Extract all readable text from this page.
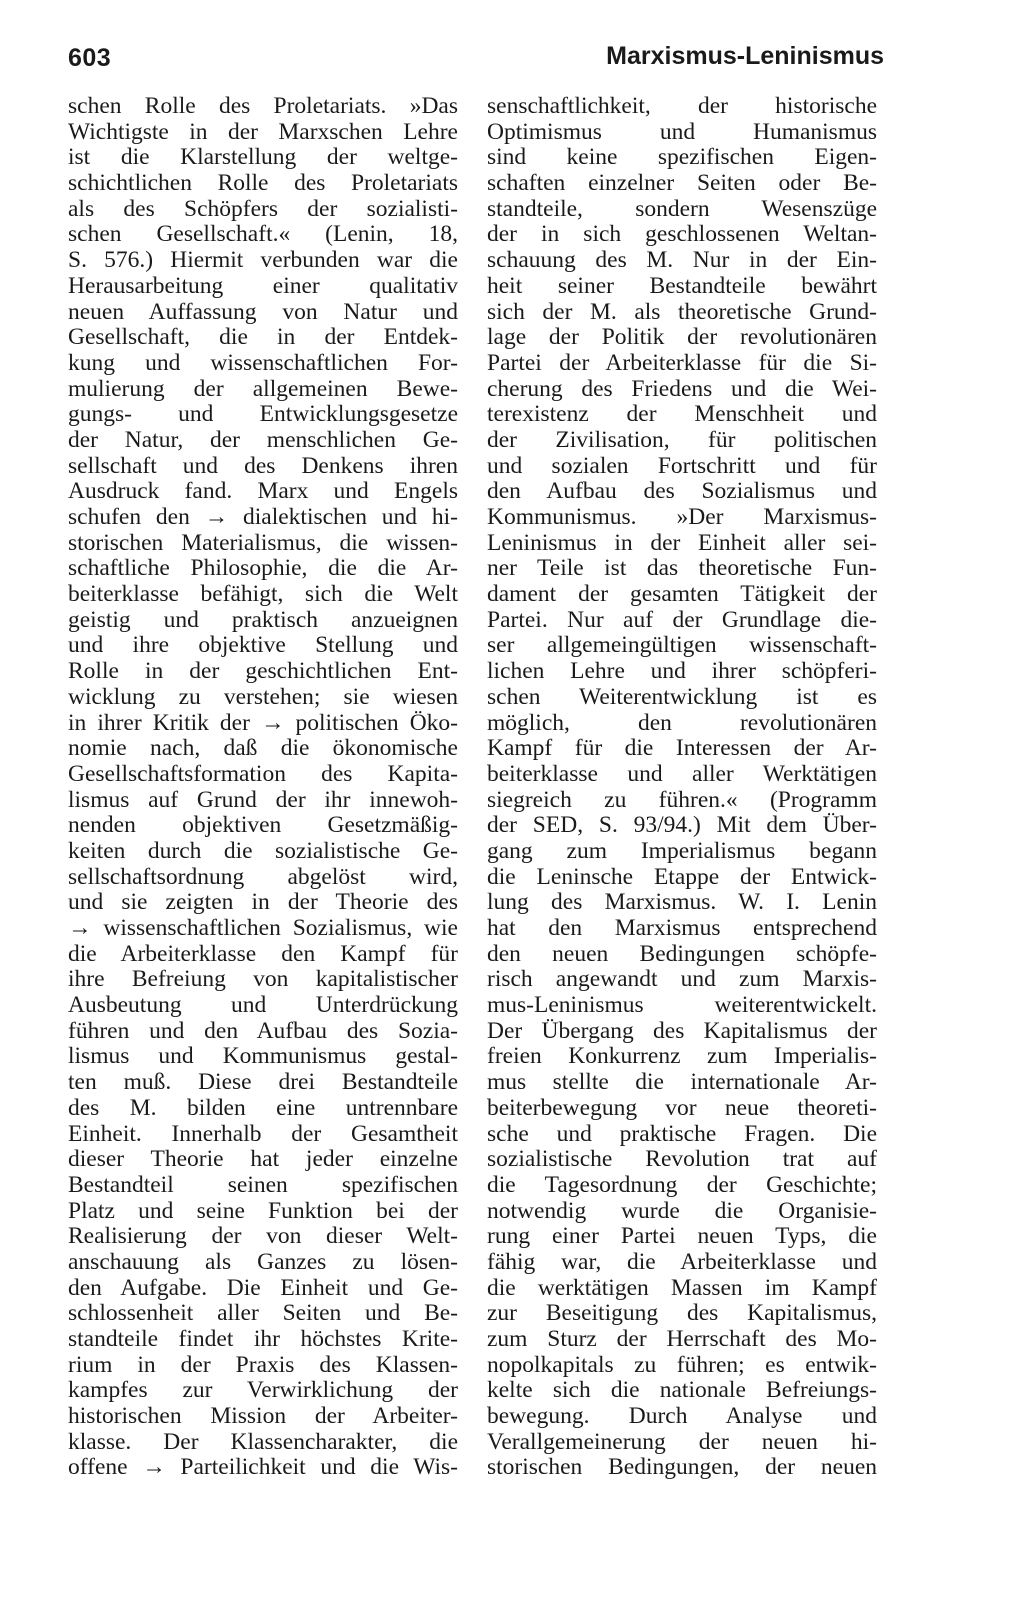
603	Marxismus-Leninismus
schen Rolle des Proletariats. »Das
Wichtigste in der Marxschen Lehre
ist die Klarstellung der weltge-
schichtlichen Rolle des Proletariats
als des Schöpfers der sozialisti-
schen Gesellschaft.« (Lenin, 18,
S. 576.) Hiermit verbunden war die
Herausarbeitung einer qualitativ
neuen Auffassung von Natur und
Gesellschaft, die in der Entdek-
kung und wissenschaftlichen For-
mulierung der allgemeinen Bewe-
gungs- und Entwicklungsgesetze
der Natur, der menschlichen Ge-
sellschaft und des Denkens ihren
Ausdruck fand. Marx und Engels
schufen den → dialektischen und hi-
storischen Materialismus, die wissen-
schaftliche Philosophie, die die Ar-
beiterklasse befähigt, sich die Welt
geistig und praktisch anzueignen
und ihre objektive Stellung und
Rolle in der geschichtlichen Ent-
wicklung zu verstehen; sie wiesen
in ihrer Kritik der → politischen Öko-
nomie nach, daß die ökonomische
Gesellschaftsformation des Kapita-
lismus auf Grund der ihr innewoh-
nenden objektiven Gesetzmäßig-
keiten durch die sozialistische Ge-
sellschaftsordnung abgelöst wird,
und sie zeigten in der Theorie des
→ wissenschaftlichen Sozialismus, wie
die Arbeiterklasse den Kampf für
ihre Befreiung von kapitalistischer
Ausbeutung und Unterdrückung
führen und den Aufbau des Sozia-
lismus und Kommunismus gestal-
ten muß. Diese drei Bestandteile
des M. bilden eine untrennbare
Einheit. Innerhalb der Gesamtheit
dieser Theorie hat jeder einzelne
Bestandteil seinen spezifischen
Platz und seine Funktion bei der
Realisierung der von dieser Welt-
anschauung als Ganzes zu lösen-
den Aufgabe. Die Einheit und Ge-
schlossenheit aller Seiten und Be-
standteile findet ihr höchstes Krite-
rium in der Praxis des Klassen-
kampfes zur Verwirklichung der
historischen Mission der Arbeiter-
klasse. Der Klassencharakter, die
offene → Parteilichkeit und die Wis-
senschaftlichkeit, der historische
Optimismus und Humanismus
sind keine spezifischen Eigen-
schaften einzelner Seiten oder Be-
standteile, sondern Wesenszüge
der in sich geschlossenen Weltan-
schauung des M. Nur in der Ein-
heit seiner Bestandteile bewährt
sich der M. als theoretische Grund-
lage der Politik der revolutionären
Partei der Arbeiterklasse für die Si-
cherung des Friedens und die Wei-
terexistenz der Menschheit und
der Zivilisation, für politischen
und sozialen Fortschritt und für
den Aufbau des Sozialismus und
Kommunismus. »Der Marxismus-
Leninismus in der Einheit aller sei-
ner Teile ist das theoretische Fun-
dament der gesamten Tätigkeit der
Partei. Nur auf der Grundlage die-
ser allgemeingültigen wissenschaft-
lichen Lehre und ihrer schöpferi-
schen Weiterentwicklung ist es
möglich, den revolutionären
Kampf für die Interessen der Ar-
beiterklasse und aller Werktätigen
siegreich zu führen.« (Programm
der SED, S. 93/94.) Mit dem Über-
gang zum Imperialismus begann
die Leninsche Etappe der Entwick-
lung des Marxismus. W. I. Lenin
hat den Marxismus entsprechend
den neuen Bedingungen schöpfe-
risch angewandt und zum Marxis-
mus-Leninismus weiterentwickelt.
Der Übergang des Kapitalismus der
freien Konkurrenz zum Imperialis-
mus stellte die internationale Ar-
beiterbewegung vor neue theoreti-
sche und praktische Fragen. Die
sozialistische Revolution trat auf
die Tagesordnung der Geschichte;
notwendig wurde die Organisie-
rung einer Partei neuen Typs, die
fähig war, die Arbeiterklasse und
die werktätigen Massen im Kampf
zur Beseitigung des Kapitalismus,
zum Sturz der Herrschaft des Mo-
nopolkapitals zu führen; es entwik-
kelte sich die nationale Befreiungs-
bewegung. Durch Analyse und
Verallgemeinerung der neuen hi-
storischen Bedingungen, der neuen
